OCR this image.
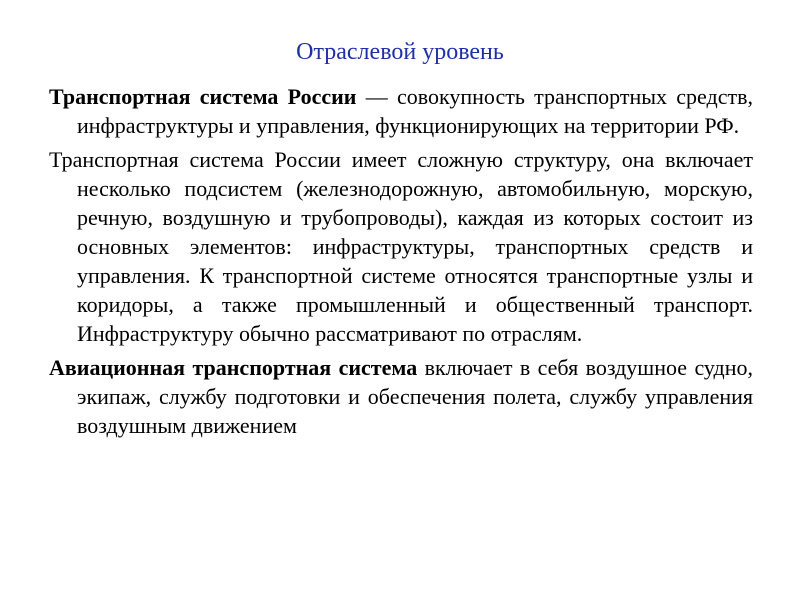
Отраслевой уровень

Транспортная система России — совокупность транспортных средств, инфраструктуры и управления, функционирующих на территории РФ.

Транспортная система России имеет сложную структуру, она включает несколько подсистем (железнодорожную, автомобильную, морскую, речную, воздушную и трубопроводы), каждая из которых состоит из основных элементов: инфраструктуры, транспортных средств и управления. К транспортной системе относятся транспортные узлы и коридоры, а также промышленный и общественный транспорт. Инфраструктуру обычно рассматривают по отраслям.

Авиационная транспортная система включает в себя воздушное судно, экипаж, службу подготовки и обеспечения полета, службу управления воздушным движением
